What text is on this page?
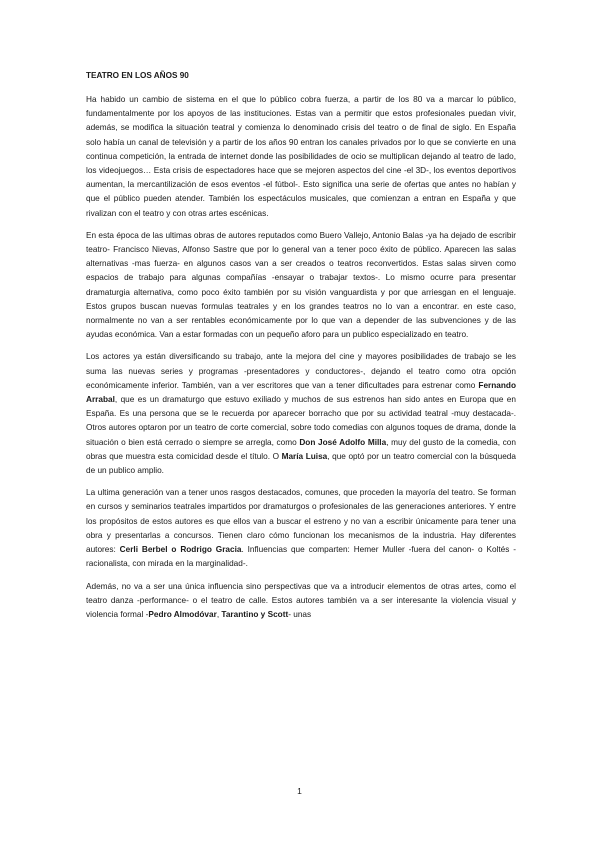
TEATRO EN LOS AÑOS 90

Ha habido un cambio de sistema en el que lo público cobra fuerza, a partir de los 80 va a marcar lo público, fundamentalmente por los apoyos de las instituciones. Estas van a permitir que estos profesionales puedan vivir, además, se modifica la situación teatral y comienza lo denominado crisis del teatro o de final de siglo. En España solo había un canal de televisión y a partir de los años 90 entran los canales privados por lo que se convierte en una continua competición, la entrada de internet donde las posibilidades de ocio se multiplican dejando al teatro de lado, los videojuegos… Esta crisis de espectadores hace que se mejoren aspectos del cine -el 3D-, los eventos deportivos aumentan, la mercantilización de esos eventos -el fútbol-. Esto significa una serie de ofertas que antes no habían y que el público pueden atender. También los espectáculos musicales, que comienzan a entran en España y que rivalizan con el teatro y con otras artes escénicas.

En esta época de las ultimas obras de autores reputados como Buero Vallejo, Antonio Balas -ya ha dejado de escribir teatro- Francisco Nievas, Alfonso Sastre que por lo general van a tener poco éxito de público. Aparecen las salas alternativas -mas fuerza- en algunos casos van a ser creados o teatros reconvertidos. Estas salas sirven como espacios de trabajo para algunas compañías -ensayar o trabajar textos-. Lo mismo ocurre para presentar dramaturgia alternativa, como poco éxito también por su visión vanguardista y por que arriesgan en el lenguaje. Estos grupos buscan nuevas formulas teatrales y en los grandes teatros no lo van a encontrar. en este caso, normalmente no van a ser rentables económicamente por lo que van a depender de las subvenciones y de las ayudas económica. Van a estar formadas con un pequeño aforo para un publico especializado en teatro.

Los actores ya están diversificando su trabajo, ante la mejora del cine y mayores posibilidades de trabajo se les suma las nuevas series y programas -presentadores y conductores-, dejando el teatro como otra opción económicamente inferior. También, van a ver escritores que van a tener dificultades para estrenar como Fernando Arrabal, que es un dramaturgo que estuvo exiliado y muchos de sus estrenos han sido antes en Europa que en España. Es una persona que se le recuerda por aparecer borracho que por su actividad teatral -muy destacada-. Otros autores optaron por un teatro de corte comercial, sobre todo comedias con algunos toques de drama, donde la situación o bien está cerrado o siempre se arregla, como Don José Adolfo Milla, muy del gusto de la comedia, con obras que muestra esta comicidad desde el título. O María Luisa, que optó por un teatro comercial con la búsqueda de un publico amplio.

La ultima generación van a tener unos rasgos destacados, comunes, que proceden la mayoría del teatro. Se forman en cursos y seminarios teatrales impartidos por dramaturgos o profesionales de las generaciones anteriores. Y entre los propósitos de estos autores es que ellos van a buscar el estreno y no van a escribir únicamente para tener una obra y presentarlas a concursos. Tienen claro cómo funcionan los mecanismos de la industria. Hay diferentes autores: Cerli Berbel o Rodrigo Gracia. Influencias que comparten: Hemer Muller -fuera del canon- o Koltés -racionalista, con mirada en la marginalidad-.

Además, no va a ser una única influencia sino perspectivas que va a introducir elementos de otras artes, como el teatro danza -performance- o el teatro de calle. Estos autores también va a ser interesante la violencia visual y violencia formal -Pedro Almodóvar, Tarantino y Scott- unas

1
